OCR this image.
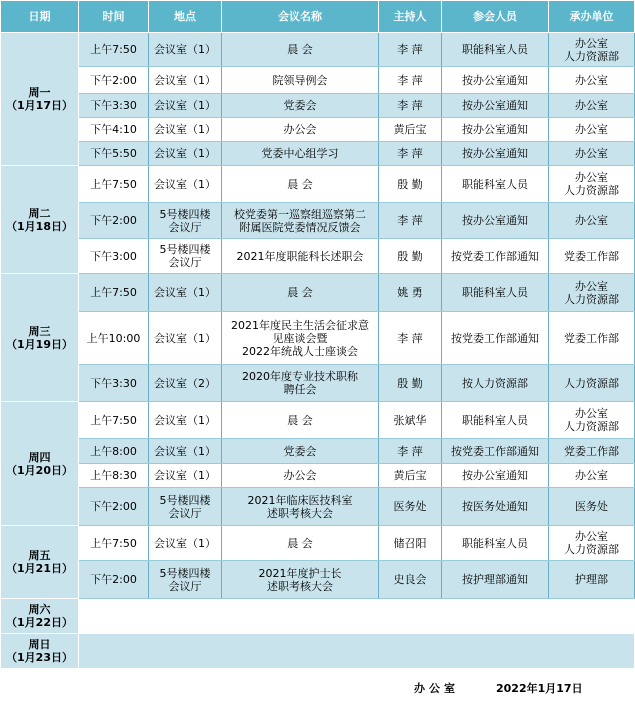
日期	时间	地点	会议名称	主持人	参会人员	承办单位
周一
（1月17日）	上午7:50	会议室（1）	晨 会	李 萍	职能科室人员	办公室
人力资源部
	下午2:00	会议室（1）	院领导例会	李 萍	按办公室通知	办公室
	下午3:30	会议室（1）	党委会	李 萍	按办公室通知	办公室
	下午4:10	会议室（1）	办公会	黄后宝	按办公室通知	办公室
	下午5:50	会议室（1）	党委中心组学习	李 萍	按办公室通知	办公室
周二
（1月18日）	上午7:50	会议室（1）	晨 会	殷 勤	职能科室人员	办公室
人力资源部
	下午2:00	5号楼四楼
会议厅	校党委第一巡察组巡察第二
附属医院党委情况反馈会	李 萍	按办公室通知	办公室
	下午3:00	5号楼四楼
会议厅	2021年度职能科长述职会	殷 勤	按党委工作部通知	党委工作部
周三
（1月19日）	上午7:50	会议室（1）	晨 会	姚 勇	职能科室人员	办公室
人力资源部
	上午10:00	会议室（1）	2021年度民主生活会征求意
见座谈会暨
2022年统战人士座谈会	李 萍	按党委工作部通知	党委工作部
	下午3:30	会议室（2）	2020年度专业技术职称
聘任会	殷 勤	按人力资源部	人力资源部
周四
（1月20日）	上午7:50	会议室（1）	晨 会	张斌华	职能科室人员	办公室
人力资源部
	上午8:00	会议室（1）	党委会	李 萍	按党委工作部通知	党委工作部
	上午8:30	会议室（1）	办公会	黄后宝	按办公室通知	办公室
	下午2:00	5号楼四楼
会议厅	2021年临床医技科室
述职考核大会	医务处	按医务处通知	医务处
周五
（1月21日）	上午7:50	会议室（1）	晨 会	储召阳	职能科室人员	办公室
人力资源部
	下午2:00	5号楼四楼
会议厅	2021年度护士长
述职考核大会	史良会	按护理部通知	护理部
周六
（1月22日）						
周日
（1月23日）						
办公室	2022年1月17日
